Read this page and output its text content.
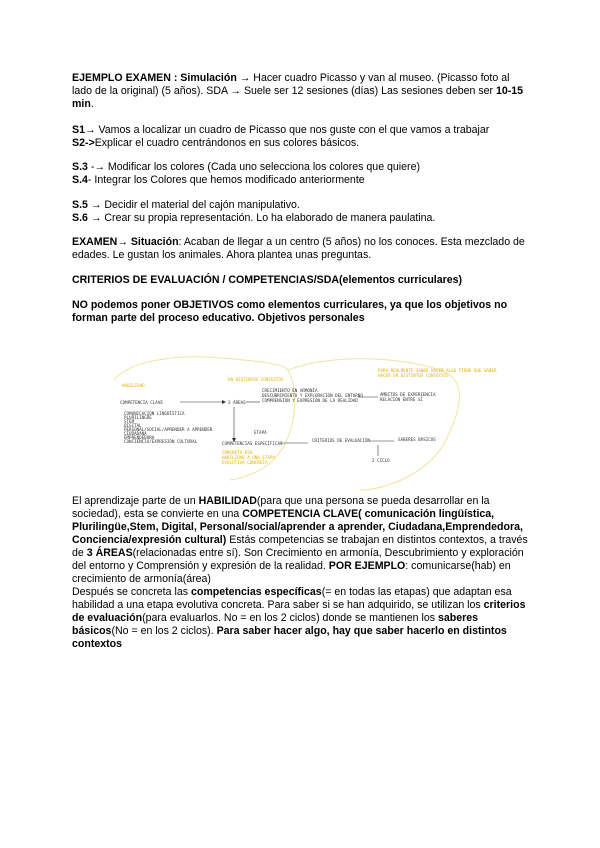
EJEMPLO EXAMEN : Simulación → Hacer cuadro Picasso y van al museo. (Picasso foto al lado de la original) (5 años). SDA → Suele ser 12 sesiones (días) Las sesiones deben ser 10-15 min.

S1→ Vamos a localizar un cuadro de Picasso que nos guste con el que vamos a trabajar

S2->Explicar el cuadro centrándonos en sus colores básicos.

S.3 -→ Modificar los colores (Cada uno selecciona los colores que quiere)

S.4- Integrar los Colores que hemos modificado anteriormente

S.5 → Decidir el material del cajón manipulativo.

S.6 → Crear su propia representación. Lo ha elaborado de manera paulatina.

EXAMEN→ Situación: Acaban de llegar a un centro (5 años) no los conoces. Esta mezclado de edades. Le gustan los animales. Ahora plantea unas preguntas.

CRITERIOS DE EVALUACIÓN / COMPETENCIAS/SDA(elementos curriculares)

NO podemos poner OBJETIVOS como elementos curriculares, ya que los objetivos no forman parte del proceso educativo. Objetivos personales

HABILIDAD
COMPETENCIA CLAVE
COMUNICACIÓN LINGÜÍSTICA
PLURILINGÜE
STEM
DIGITAL
PERSONAL/SOCIAL/APRENDER A APRENDER
CIUDADANA
EMPRENDEDORA
CONCIENCIA/EXPRESIÓN CULTURAL
EN DISTINTOS CONTEXTOS
3 ÁREAS
CRECIMIENTO EN ARMONÍA
DESCUBRIMIENTO Y EXPLORACIÓN DEL ENTORNO
COMPRENSIÓN Y EXPRESIÓN DE LA REALIDAD
ÁMBITOS DE EXPERIENCIA
RELACIÓN ENTRE SÍ
PARA REALMENTE SABER HACER ALGO TIENE QUE SABER
HACER EN DISTINTOS CONTEXTOS
ETAPA
COMPETENCIAS ESPECÍFICAS
CRITERIOS DE EVALUACIÓN	SABERES BÁSICOS
2 CICLO
CONCRETA ESA
HABILIDAD A UNA ETAPA
EVOLUTIVA CONCRETA

El aprendizaje parte de un HABILIDAD(para que una persona se pueda desarrollar en la sociedad), esta se convierte en una COMPETENCIA CLAVE( comunicación lingüística, Plurilingüe,Stem, Digital, Personal/social/aprender a aprender, Ciudadana,Emprendedora, Conciencia/expresión cultural) Estás competencias se trabajan en distintos contextos, a través de 3 ÁREAS(relacionadas entre sí). Son Crecimiento en armonía, Descubrimiento y exploración del entorno y Comprensión y expresión de la realidad. POR EJEMPLO: comunicarse(hab) en crecimiento de armonía(área)

Después se concreta las competencias específicas(= en todas las etapas) que adaptan esa habilidad a una etapa evolutiva concreta. Para saber si se han adquirido, se utilizan los criterios de evaluación(para evaluarlos. No = en los 2 ciclos) donde se mantienen los saberes básicos(No = en los 2 ciclos). Para saber hacer algo, hay que saber hacerlo en distintos contextos
